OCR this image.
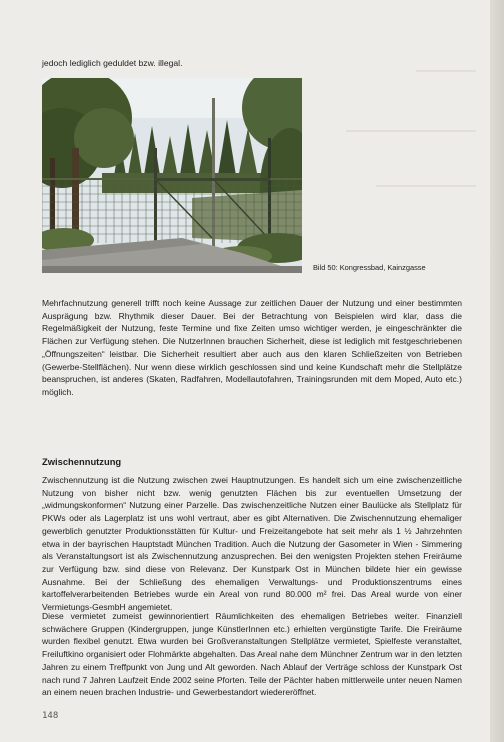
jedoch lediglich geduldet bzw. illegal.
Bild 50: Kongressbad, Kainzgasse
Mehrfachnutzung generell trifft noch keine Aussage zur zeitlichen Dauer der Nutzung und einer bestimmten Ausprägung bzw. Rhythmik dieser Dauer. Bei der Betrachtung von Beispielen wird klar, dass die Regelmäßigkeit der Nutzung, feste Termine und fixe Zeiten umso wichtiger werden, je eingeschränkter die Flächen zur Verfügung stehen. Die NutzerInnen brauchen Sicherheit, diese ist lediglich mit festgeschriebenen „Öffnungszeiten“ leistbar. Die Sicherheit resultiert aber auch aus den klaren Schließzeiten von Betrieben (Gewerbe-Stellflächen). Nur wenn diese wirklich geschlossen sind und keine Kundschaft mehr die Stellplätze beanspruchen, ist anderes (Skaten, Radfahren, Modellautofahren, Trainingsrunden mit dem Moped, Auto etc.) möglich.
Zwischennutzung
Zwischennutzung ist die Nutzung zwischen zwei Hauptnutzungen. Es handelt sich um eine zwischenzeitliche Nutzung von bisher nicht bzw. wenig genutzten Flächen bis zur eventuellen Umsetzung der „widmungskonformen“ Nutzung einer Parzelle. Das zwischenzeitliche Nutzen einer Baulücke als Stellplatz für PKWs oder als Lagerplatz ist uns wohl vertraut, aber es gibt Alternativen. Die Zwischennutzung ehemaliger gewerblich genutzter Produktionsstätten für Kultur- und Freizeitangebote hat seit mehr als 1 ½ Jahrzehnten etwa in der bayrischen Hauptstadt München Tradition. Auch die Nutzung der Gasometer in Wien - Simmering als Veranstaltungsort ist als Zwischennutzung anzusprechen. Bei den wenigsten Projekten stehen Freiräume zur Verfügung bzw. sind diese von Relevanz. Der Kunstpark Ost in München bildete hier ein gewisse Ausnahme. Bei der Schließung des ehemaligen Verwaltungs- und Produktionszentrums eines kartoffelverarbeitenden Betriebes wurde ein Areal von rund 80.000 m² frei. Das Areal wurde von einer Vermietungs-GesmbH angemietet.
Diese vermietet zumeist gewinnorientiert Räumlichkeiten des ehemaligen Betriebes weiter. Finanziell schwächere Gruppen (Kindergruppen, junge KünstlerInnen etc.) erhielten vergünstigte Tarife. Die Freiräume wurden flexibel genutzt. Etwa wurden bei Großveranstaltungen Stellplätze vermietet, Spielfeste veranstaltet, Freiluftkino organisiert oder Flohmärkte abgehalten. Das Areal nahe dem Münchner Zentrum war in den letzten Jahren zu einem Treffpunkt von Jung und Alt geworden. Nach Ablauf der Verträge schloss der Kunstpark Ost nach rund 7 Jahren Laufzeit Ende 2002 seine Pforten. Teile der Pächter haben mittlerweile unter neuen Namen an einem neuen brachen Industrie- und Gewerbestandort wiedereröffnet.
148
